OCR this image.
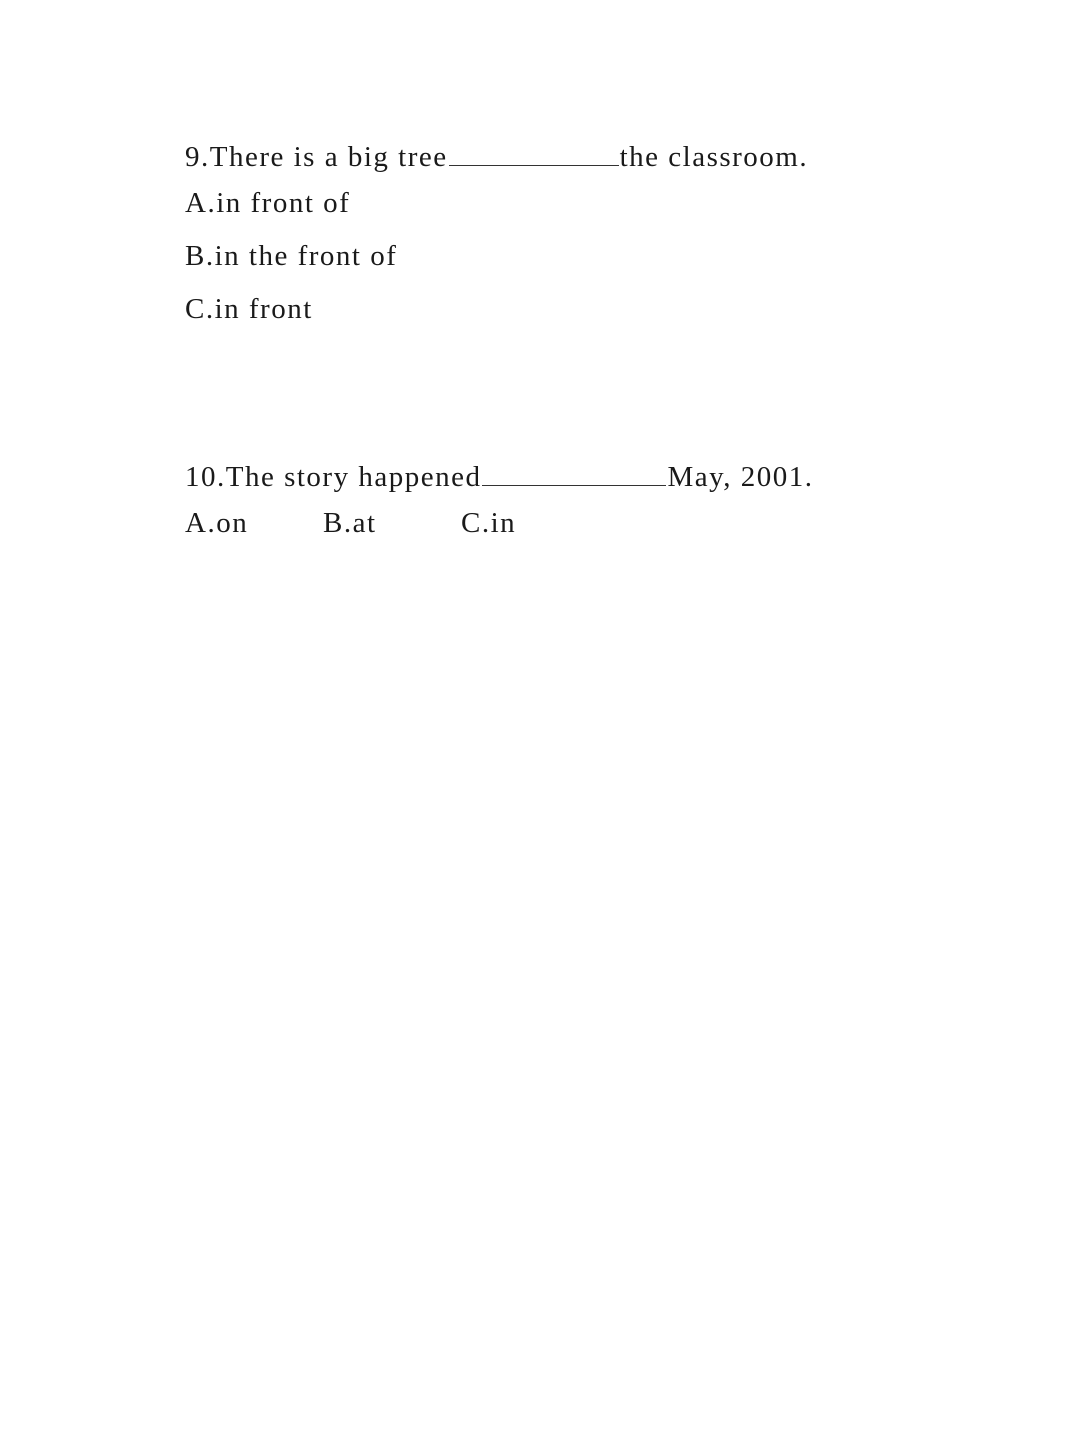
9.There is a big tree	the classroom.
A.in front of
B.in the front of
C.in front
10.The story happened	May, 2001.
A.on	B.at	C.in
